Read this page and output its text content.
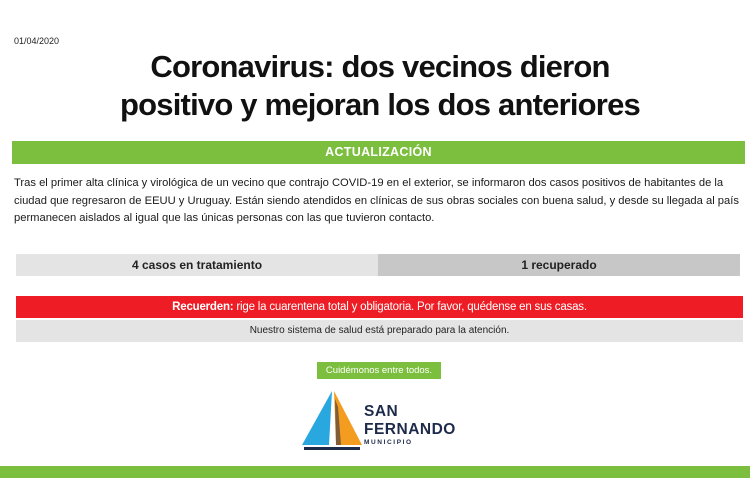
01/04/2020
Coronavirus: dos vecinos dieron
positivo y mejoran los dos anteriores
ACTUALIZACIÓN

Tras el primer alta clínica y virológica de un vecino que contrajo COVID-19 en el exterior, se informaron dos casos positivos de habitantes de la ciudad que regresaron de EEUU y Uruguay. Están siendo atendidos en clínicas de sus obras sociales con buena salud, y desde su llegada al país permanecen aislados al igual que las únicas personas con las que tuvieron contacto.

4 casos en tratamiento	1 recuperado
Recuerden: rige la cuarentena total y obligatoria. Por favor, quédense en sus casas.
Nuestro sistema de salud está preparado para la atención.
Cuidémonos entre todos.
SAN
FERNANDO
MUNICIPIO
